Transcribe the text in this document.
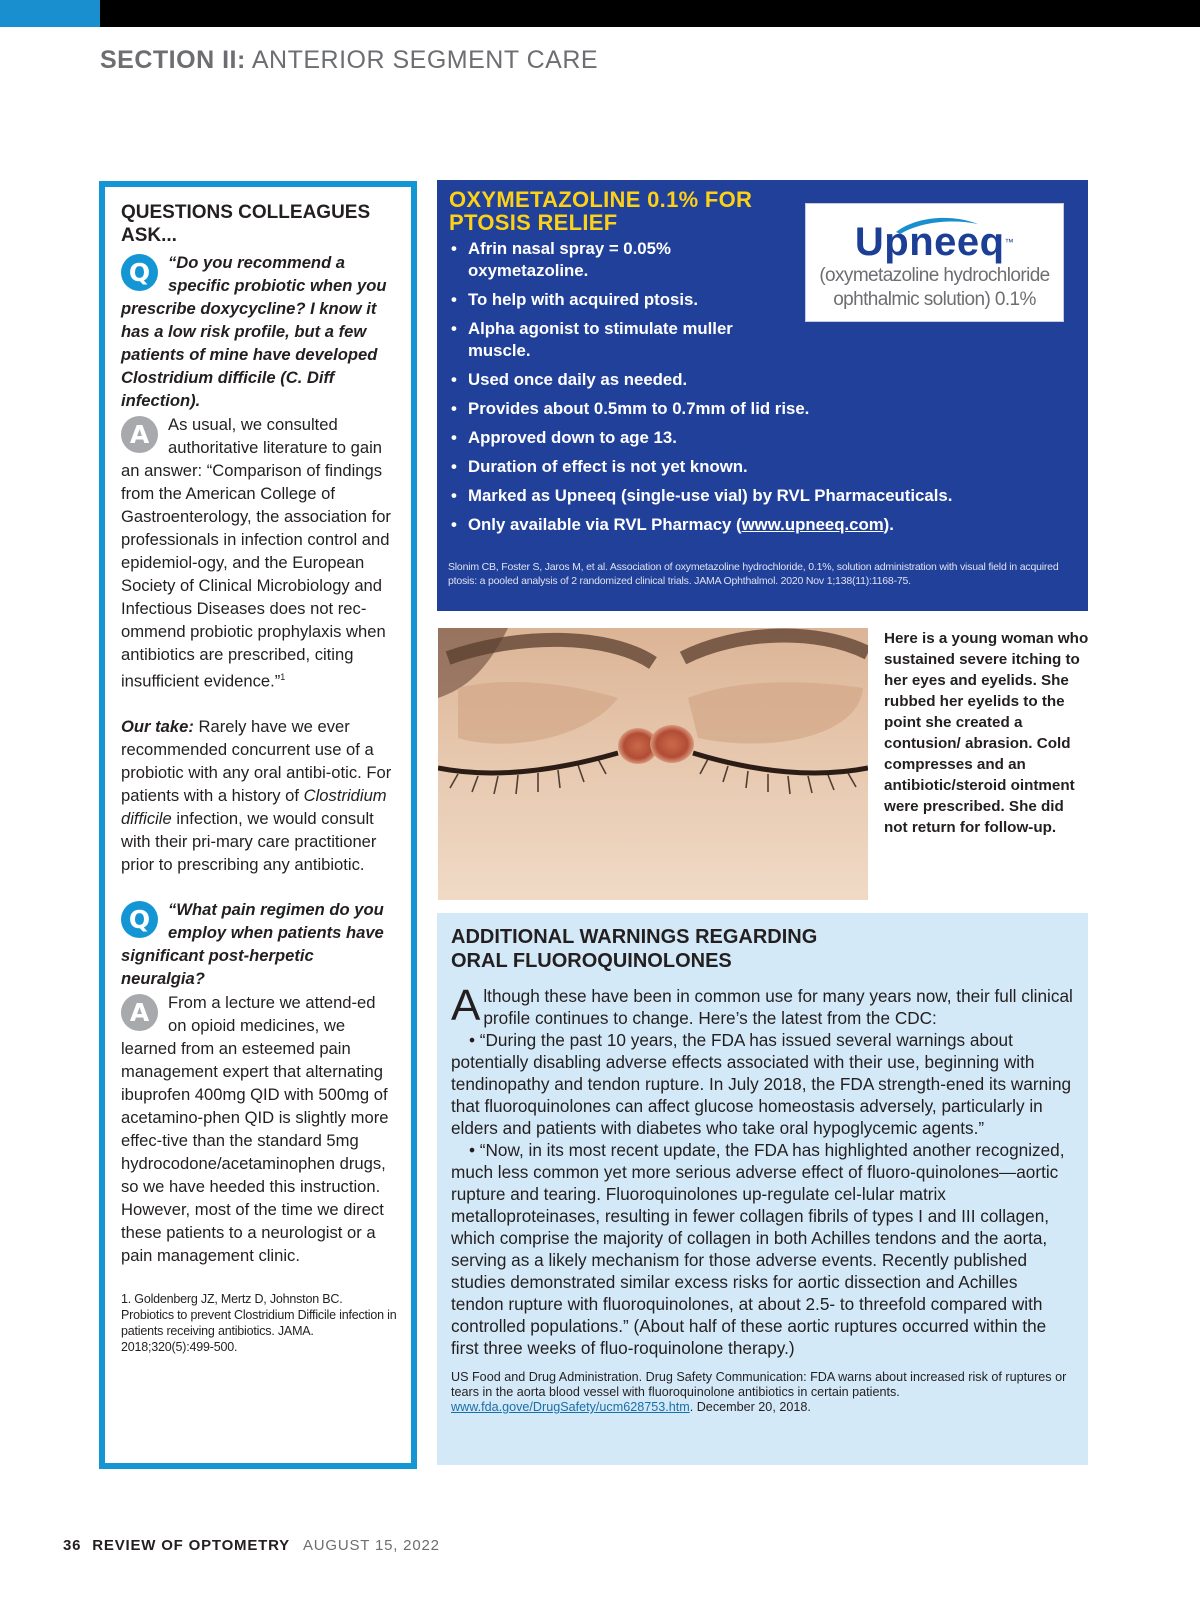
SECTION II: ANTERIOR SEGMENT CARE
QUESTIONS COLLEAGUES ASK...
Q	“Do you recommend a specific probiotic when you prescribe doxycycline? I know it has a low risk profile, but a few patients of mine have developed Clostridium difficile (C. Diff infection).

A	As usual, we consulted authoritative literature to gain an answer: “Comparison of findings from the American College of Gastroenterology, the association for professionals in infection control and epidemiol-ogy, and the European Society of Clinical Microbiology and Infectious Diseases does not rec-ommend probiotic prophylaxis when antibiotics are prescribed, citing insufficient evidence.”$^1$

Our take: Rarely have we ever recommended concurrent use of a probiotic with any oral antibi-otic. For patients with a history of Clostridium difficile infection, we would consult with their pri-mary care practitioner prior to prescribing any antibiotic.

Q	“What pain regimen do you employ when patients have significant post-herpetic neuralgia?

A	From a lecture we attend-ed on opioid medicines, we learned from an esteemed pain management expert that alternating ibuprofen 400mg QID with 500mg of acetamino-phen QID is slightly more effec-tive than the standard 5mg hydrocodone/acetaminophen drugs, so we have heeded this instruction. However, most of the time we direct these patients to a neurologist or a pain management clinic.

1. Goldenberg JZ, Mertz D, Johnston BC. Probiotics to prevent Clostridium Difficile infection in patients receiving antibiotics. JAMA. 2018;320(5):499-500.

OXYMETAZOLINE 0.1% FOR PTOSIS RELIEF
• Afrin nasal spray = 0.05% oxymetazoline.
• To help with acquired ptosis.
• Alpha agonist to stimulate muller muscle.
• Used once daily as needed.
• Provides about 0.5mm to 0.7mm of lid rise.
• Approved down to age 13.
• Duration of effect is not yet known.
• Marked as Upneeq (single-use vial) by RVL Pharmaceuticals.
• Only available via RVL Pharmacy (www.upneeq.com).

Slonim CB, Foster S, Jaros M, et al. Association of oxymetazoline hydrochloride, 0.1%, solution administration with visual field in acquired ptosis: a pooled analysis of 2 randomized clinical trials. JAMA Ophthalmol. 2020 Nov 1;138(11):1168-75.

Upneeq™
(oxymetazoline hydrochloride
ophthalmic solution) 0.1%

Here is a young woman who sustained severe itching to her eyes and eyelids. She rubbed her eyelids to the point she created a contusion/ abrasion. Cold compresses and an antibiotic/steroid ointment were prescribed. She did not return for follow-up.

ADDITIONAL WARNINGS REGARDING ORAL FLUOROQUINOLONES
A lthough these have been in common use for many years now, their full clinical profile continues to change. Here’s the latest from the CDC:

• “During the past 10 years, the FDA has issued several warnings about potentially disabling adverse effects associated with their use, beginning with tendinopathy and tendon rupture. In July 2018, the FDA strength-ened its warning that fluoroquinolones can affect glucose homeostasis adversely, particularly in elders and patients with diabetes who take oral hypoglycemic agents.”

• “Now, in its most recent update, the FDA has highlighted another recognized, much less common yet more serious adverse effect of fluoro-quinolones—aortic rupture and tearing. Fluoroquinolones up-regulate cel-lular matrix metalloproteinases, resulting in fewer collagen fibrils of types I and III collagen, which comprise the majority of collagen in both Achilles tendons and the aorta, serving as a likely mechanism for those adverse events. Recently published studies demonstrated similar excess risks for aortic dissection and Achilles tendon rupture with fluoroquinolones, at about 2.5- to threefold compared with controlled populations.” (About half of these aortic ruptures occurred within the first three weeks of fluo-roquinolone therapy.)

US Food and Drug Administration. Drug Safety Communication: FDA warns about increased risk of ruptures or tears in the aorta blood vessel with fluoroquinolone antibiotics in certain patients. www.fda.gove/DrugSafety/ucm628753.htm. December 20, 2018.

36 REVIEW OF OPTOMETRY AUGUST 15, 2022
